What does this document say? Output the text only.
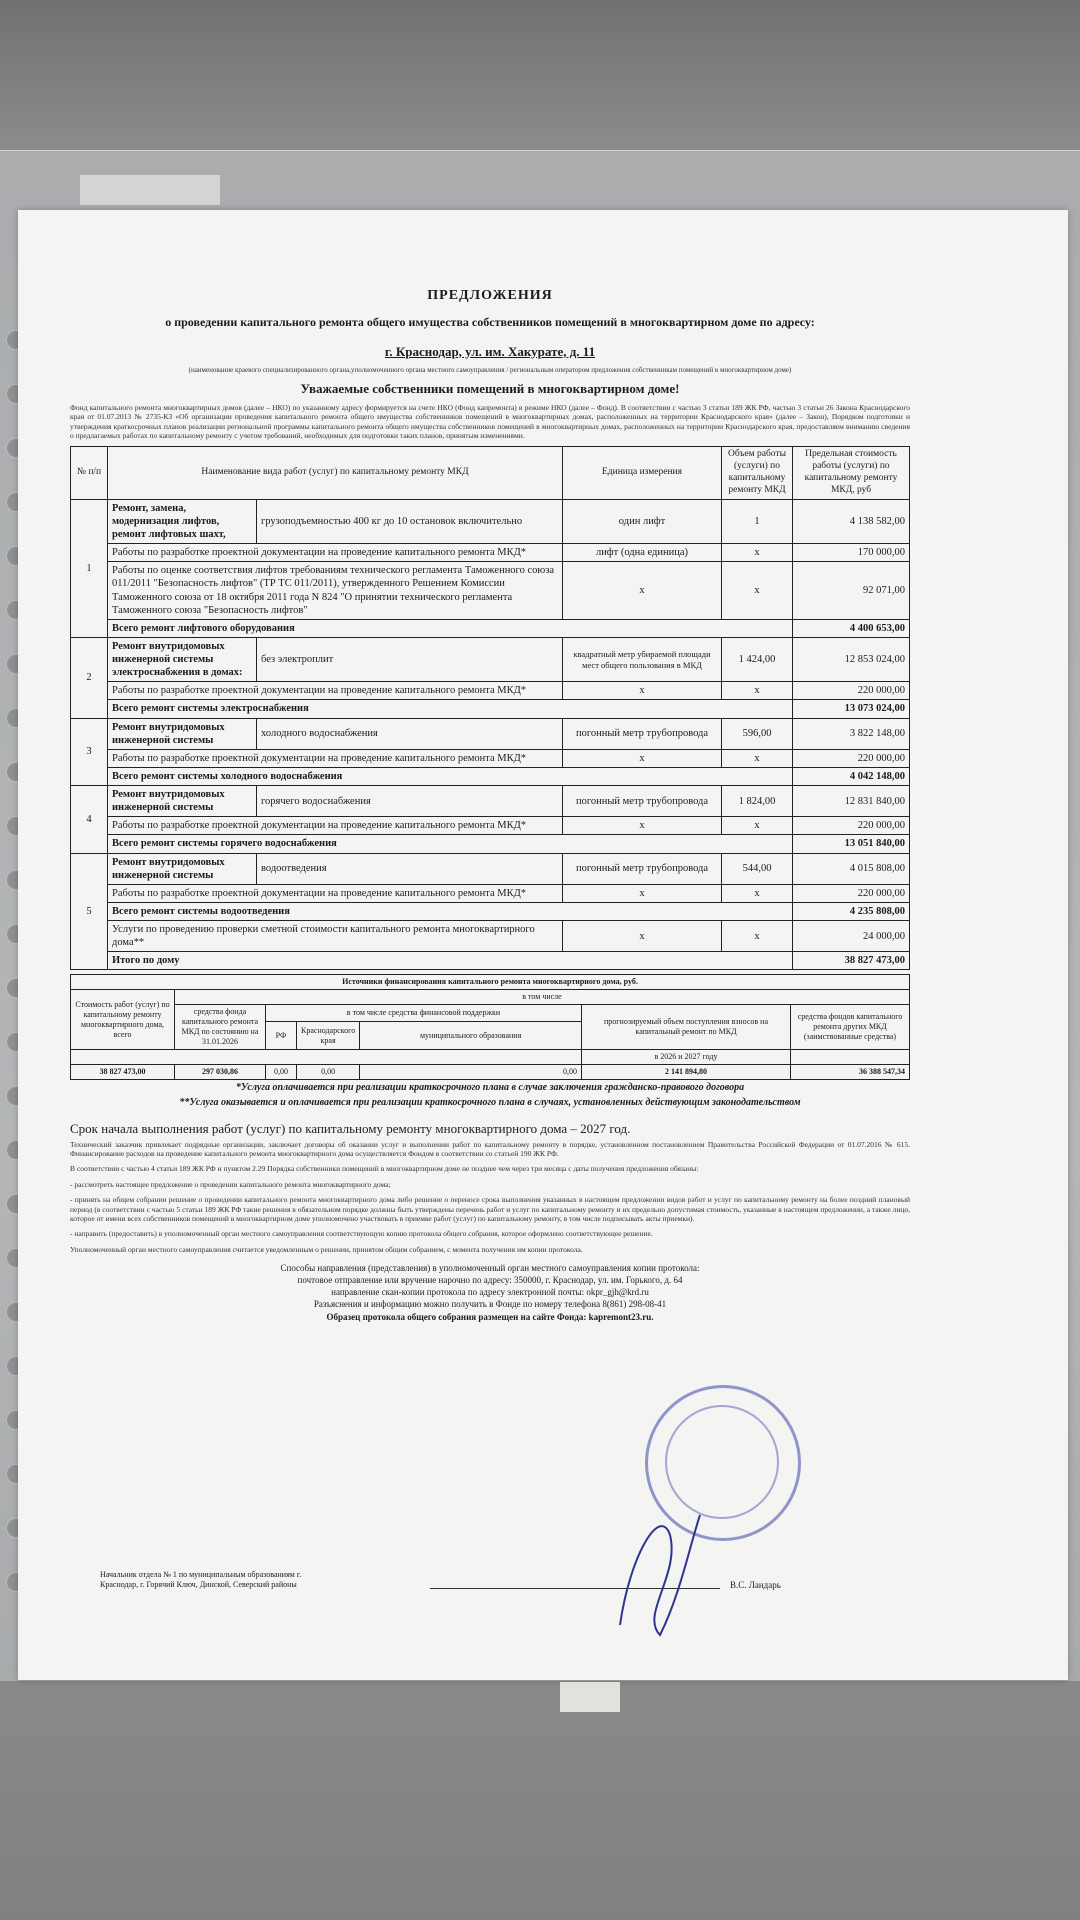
ПРЕДЛОЖЕНИЯ
о проведении капитального ремонта общего имущества собственников помещений в многоквартирном доме по адресу:
г. Краснодар, ул. им. Хакурате, д. 11
(наименование краевого специализированного органа,уполномоченного органа местного самоуправления / региональным оператором предложения собственникам помещений в многоквартирном доме)
Уважаемые собственники помещений в многоквартирном доме!
Фонд капитального ремонта многоквартирных домов (далее – НКО) по указанному адресу формируется на счете НКО (Фонд капремонта) в режиме НКО (далее – Фонд). В соответствии с частью 3 статьи 189 ЖК РФ, частью 3 статьи 26 Закона Краснодарского края от 01.07.2013 № 2735-КЗ «Об организации проведения капитального ремонта общего имущества собственников помещений в многоквартирных домах, расположенных на территории Краснодарского края» (далее – Закон), Порядком подготовки и утверждения краткосрочных планов реализации региональной программы капитального ремонта общего имущества собственников помещений в многоквартирных домах, расположенных на территории Краснодарского края, предоставляем вниманию сведения о предлагаемых работах по капитальному ремонту с учетом требований, необходимых для подготовки таких планов, принятым изменениями.
№ п/п	Наименование вида работ (услуг) по капитальному ремонту МКД		Единица измерения	Объем работы (услуги) по капитальному ремонту МКД	Предельная стоимость работы (услуги) по капитальному ремонту МКД, руб
1	Ремонт, замена, модернизация лифтов, ремонт лифтовых шахт,	грузоподъемностью 400 кг до 10 остановок включительно	один лифт	1	4 138 582,00
	Работы по разработке проектной документации на проведение капитального ремонта МКД*		лифт (одна единица)	х	170 000,00
	Работы по оценке соответствия лифтов требованиям технического регламента Таможенного союза 011/2011 "Безопасность лифтов" (ТР ТС 011/2011), утвержденного Решением Комиссии Таможенного союза от 18 октября 2011 года N 824 "О принятии технического регламента Таможенного союза "Безопасность лифтов"		х	х	92 071,00
	Всего ремонт лифтового оборудования				4 400 653,00
2	Ремонт внутридомовых инженерной системы электроснабжения в домах:	без электроплит	квадратный метр убираемой площади мест общего пользования в МКД	1 424,00	12 853 024,00
	Работы по разработке проектной документации на проведение капитального ремонта МКД*		х	х	220 000,00
	Всего ремонт системы электроснабжения				13 073 024,00
3	Ремонт внутридомовых инженерной системы	холодного водоснабжения	погонный метр трубопровода	596,00	3 822 148,00
	Работы по разработке проектной документации на проведение капитального ремонта МКД*		х	х	220 000,00
	Всего ремонт системы холодного водоснабжения				4 042 148,00
4	Ремонт внутридомовых инженерной системы	горячего водоснабжения	погонный метр трубопровода	1 824,00	12 831 840,00
	Работы по разработке проектной документации на проведение капитального ремонта МКД*		х	х	220 000,00
	Всего ремонт системы горячего водоснабжения				13 051 840,00
5	Ремонт внутридомовых инженерной системы	водоотведения	погонный метр трубопровода	544,00	4 015 808,00
	Работы по разработке проектной документации на проведение капитального ремонта МКД*		х	х	220 000,00
	Всего ремонт системы водоотведения				4 235 808,00
	Услуги по проведению проверки сметной стоимости капитального ремонта многоквартирного дома**		х	х	24 000,00
	Итого по дому				38 827 473,00
Источники финансирования капитального ремонта многоквартирного дома, руб.						
Стоимость работ (услуг) по капитальному ремонту многоквартирного дома, всего	в том числе					
	средства фонда капитального ремонта МКД по состоянию на 31.01.2026	в том числе средства финансовой поддержки			прогнозируемый объем поступления взносов на капитальный ремонт по МКД	средства фондов капитального ремонта других МКД (заимствованные средства)
		РФ	Краснодарского края	муниципального образования		
					в 2026 и 2027 году	
38 827 473,00	297 030,86	0,00	0,00	0,00	2 141 894,80	36 388 547,34
*Услуга оплачивается при реализации краткосрочного плана в случае заключения гражданско-правового договора
**Услуга оказывается и оплачивается при реализации краткосрочного плана в случаях, установленных действующим законодательством
Срок начала выполнения работ (услуг) по капитальному ремонту многоквартирного дома – 2027 год.
Технический заказчик привлекает подрядные организации, заключает договоры об оказании услуг и выполнении работ по капитальному ремонту в порядке, установленном постановлением Правительства Российской Федерации от 01.07.2016 № 615. Финансирование расходов на проведение капитального ремонта многоквартирного дома осуществляется Фондом в соответствии со статьей 190 ЖК РФ.
В соответствии с частью 4 статьи 189 ЖК РФ и пунктом 2.29 Порядка собственники помещений в многоквартирном доме не позднее чем через три месяца с даты получения предложения обязаны:
- рассмотреть настоящее предложение о проведении капитального ремонта многоквартирного дома;
- принять на общем собрании решение о проведении капитального ремонта многоквартирного дома либо решение о переносе срока выполнения указанных в настоящем предложении видов работ и услуг по капитальному ремонту на более поздний плановый период (в соответствии с частью 5 статьи 189 ЖК РФ такие решения в обязательном порядке должны быть утверждены перечень работ и услуг по капитальному ремонту и их предельно допустимая стоимость, указанные в настоящем предложении, а также лицо, которое от имени всех собственников помещений в многоквартирном доме уполномочено участвовать в приемке работ (услуг) по капитальному ремонту, в том числе подписывать акты приемки).
- направить (предоставить) в уполномоченный орган местного самоуправления соответствующую копию протокола общего собрания, которое оформлено соответствующее решение.
Уполномоченный орган местного самоуправления считается уведомленным о решении, принятом общим собранием, с момента получения им копии протокола.
Способы направления (представления) в уполномоченный орган местного самоуправления копии протокола:
почтовое отправление или вручение нарочно по адресу: 350000, г. Краснодар, ул. им. Горького, д. 64
направление скан-копии протокола по адресу электронной почты: okpr_gjh@krd.ru
Разъяснения и информацию можно получить в Фонде по номеру телефона 8(861) 298-08-41
Образец протокола общего собрания размещен на сайте Фонда: kapremont23.ru.
Начальник отдела № 1 по муниципальным образованиям г. Краснодар, г. Горячий Ключ, Динской, Северский районы	В.С. Ландарь
